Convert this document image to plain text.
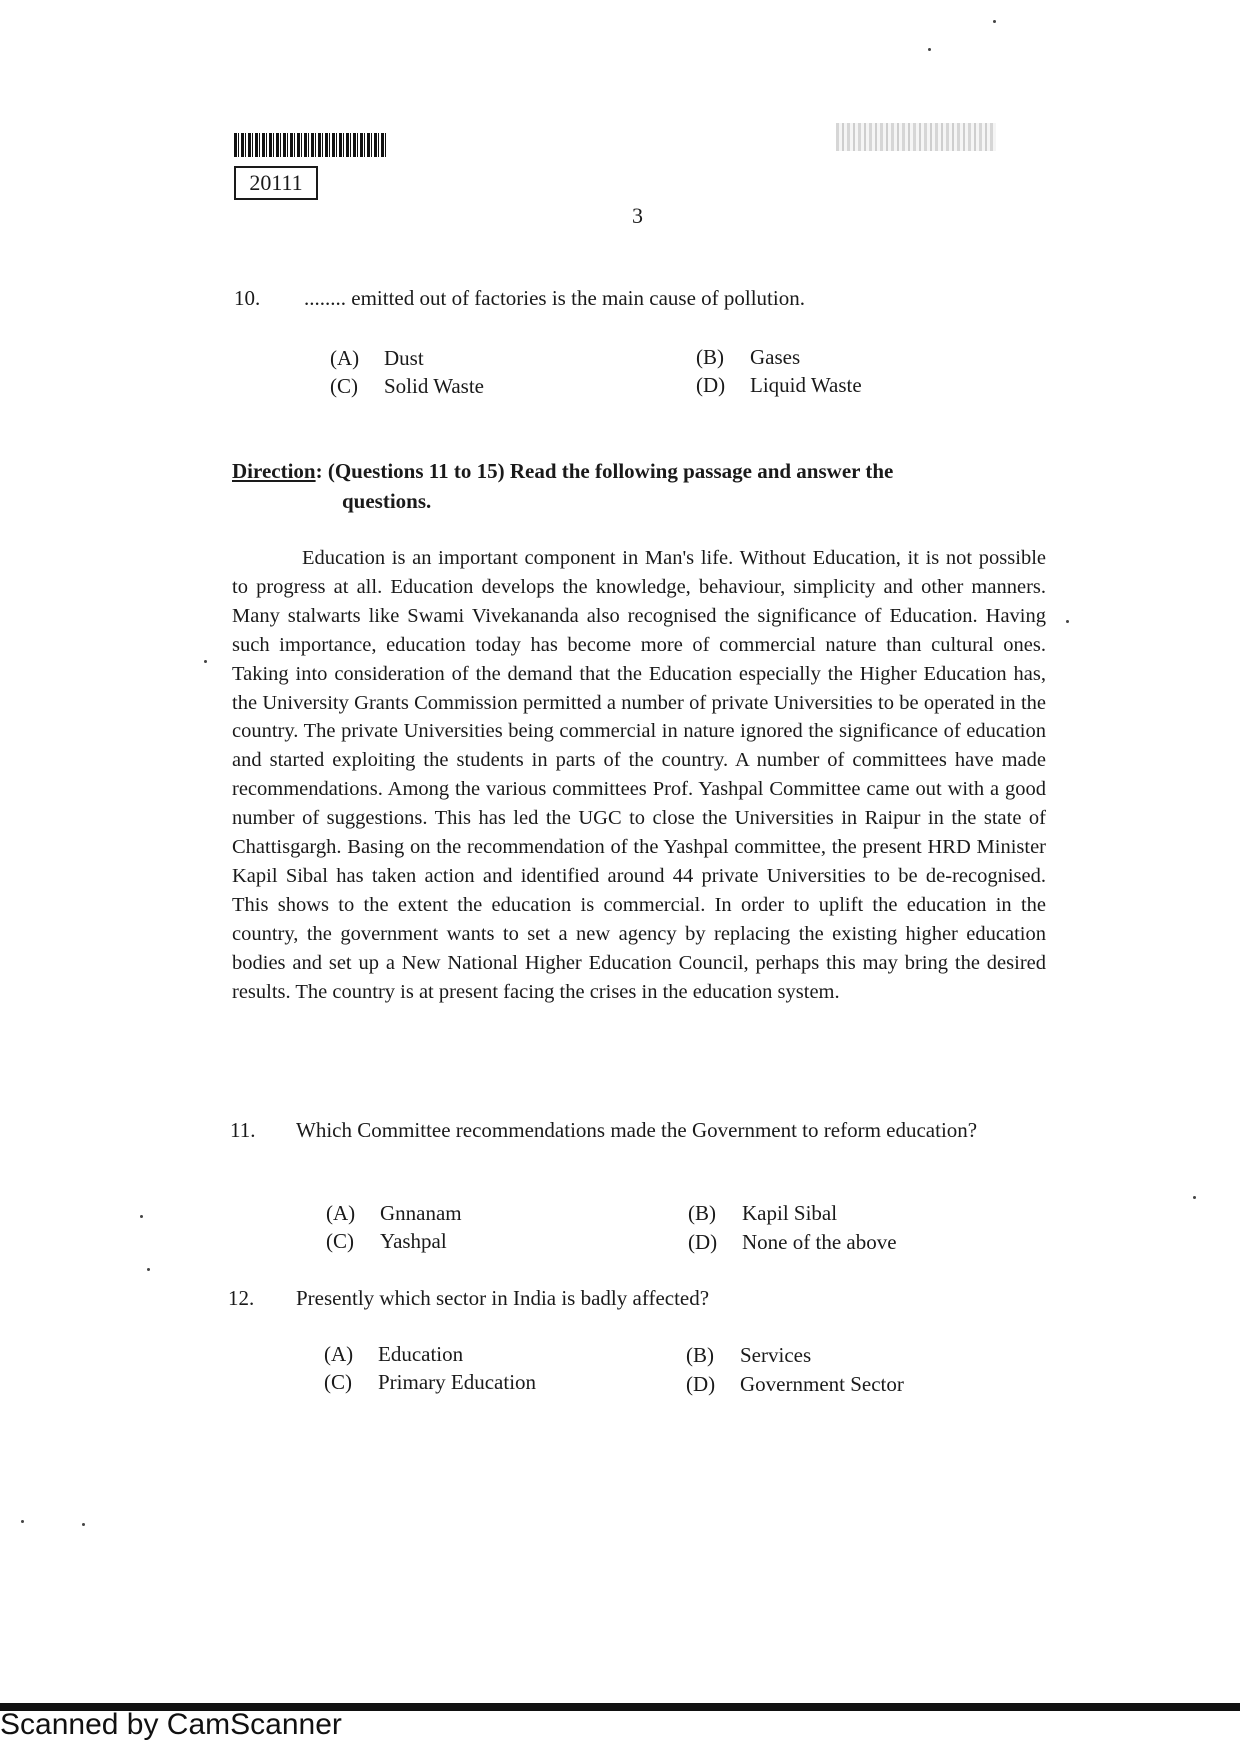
20111
3
10. ........ emitted out of factories is the main cause of pollution.
(A) Dust	(B) Gases
(C) Solid Waste	(D) Liquid Waste
Direction: (Questions 11 to 15) Read the following passage and answer the
questions.
Education is an important component in Man's life. Without Education, it is not possible to progress at all. Education develops the knowledge, behaviour, simplicity and other manners. Many stalwarts like Swami Vivekananda also recognised the significance of Education. Having such importance, education today has become more of commercial nature than cultural ones. Taking into consideration of the demand that the Education especially the Higher Education has, the University Grants Commission permitted a number of private Universities to be operated in the country. The private Universities being commercial in nature ignored the significance of education and started exploiting the students in parts of the country. A number of committees have made recommendations. Among the various committees Prof. Yashpal Committee came out with a good number of suggestions. This has led the UGC to close the Universities in Raipur in the state of Chattisgargh. Basing on the recommendation of the Yashpal committee, the present HRD Minister Kapil Sibal has taken action and identified around 44 private Universities to be de-recognised. This shows to the extent the education is commercial. In order to uplift the education in the country, the government wants to set a new agency by replacing the existing higher education bodies and set up a New National Higher Education Council, perhaps this may bring the desired results. The country is at present facing the crises in the education system.
11. Which Committee recommendations made the Government to reform education?
(A) Gnnanam	(B) Kapil Sibal
(C) Yashpal	(D) None of the above
12. Presently which sector in India is badly affected?
(A) Education	(B) Services
(C) Primary Education	(D) Government Sector
Scanned by CamScanner
